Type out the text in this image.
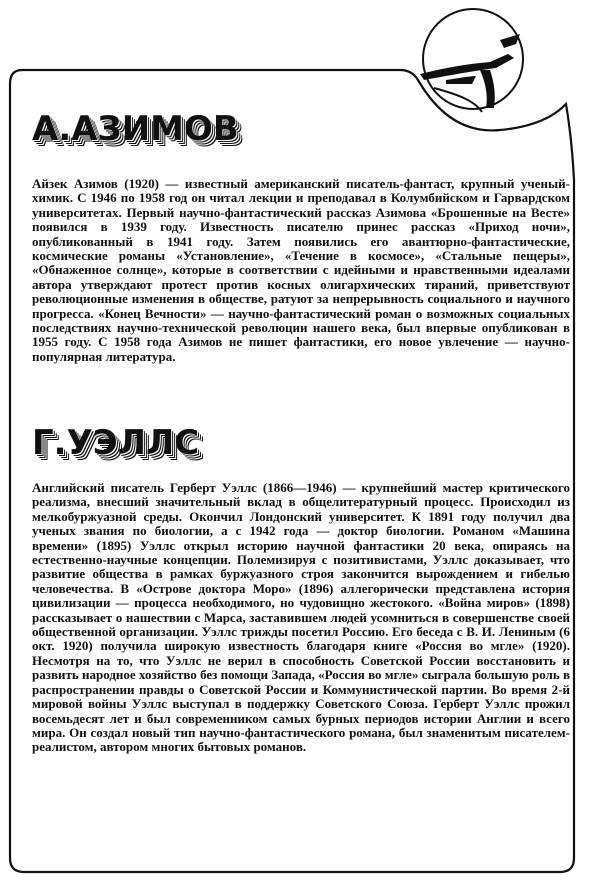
А.АЗИМОВ

Айзек Азимов (1920) — известный американский писатель-фантаст, крупный ученый-химик. С 1946 по 1958 год он читал лекции и преподавал в Колумбийском и Гарвардском университетах. Первый научно-фантастический рассказ Азимова «Брошенные на Весте» появился в 1939 году. Известность писателю принес рассказ «Приход ночи», опубликованный в 1941 году. Затем появились его авантюрно-фантастические, космические романы «Установление», «Течение в космосе», «Стальные пещеры», «Обнаженное солнце», которые в соответствии с идейными и нравственными идеалами автора утверждают протест против косных олигархических тираний, приветствуют революционные изменения в обществе, ратуют за непрерывность социального и научного прогресса. «Конец Вечности» — научно-фантастический роман о возможных социальных последствиях научно-технической революции нашего века, был впервые опубликован в 1955 году. С 1958 года Азимов не пишет фантастики, его новое увлечение — научно-популярная литература.

Г.УЭЛЛС

Английский писатель Герберт Уэллс (1866—1946) — крупнейший мастер критического реализма, внесший значительный вклад в общелитературный процесс. Происходил из мелкобуржуазной среды. Окончил Лондонский университет. К 1891 году получил два ученых звания по биологии, а с 1942 года — доктор биологии. Романом «Машина времени» (1895) Уэллс открыл историю научной фантастики 20 века, опираясь на естественно-научные концепции. Полемизируя с позитивистами, Уэллс доказывает, что развитие общества в рамках буржуазного строя закончится вырождением и гибелью человечества. В «Острове доктора Моро» (1896) аллегорически представлена история цивилизации — процесса необходимого, но чудовищно жестокого. «Война миров» (1898) рассказывает о нашествии с Марса, заставившем людей усомниться в совершенстве своей общественной организации. Уэллс трижды посетил Россию. Его беседа с В. И. Лениным (6 окт. 1920) получила широкую известность благодаря книге «Россия во мгле» (1920). Несмотря на то, что Уэллс не верил в способность Советской России восстановить и развить народное хозяйство без помощи Запада, «Россия во мгле» сыграла большую роль в распространении правды о Советской России и Коммунистической партии. Во время 2-й мировой войны Уэллс выступал в поддержку Советского Союза. Герберт Уэллс прожил восемьдесят лет и был современником самых бурных периодов истории Англии и всего мира. Он создал новый тип научно-фантастического романа, был знаменитым писателем-реалистом, автором многих бытовых романов.
